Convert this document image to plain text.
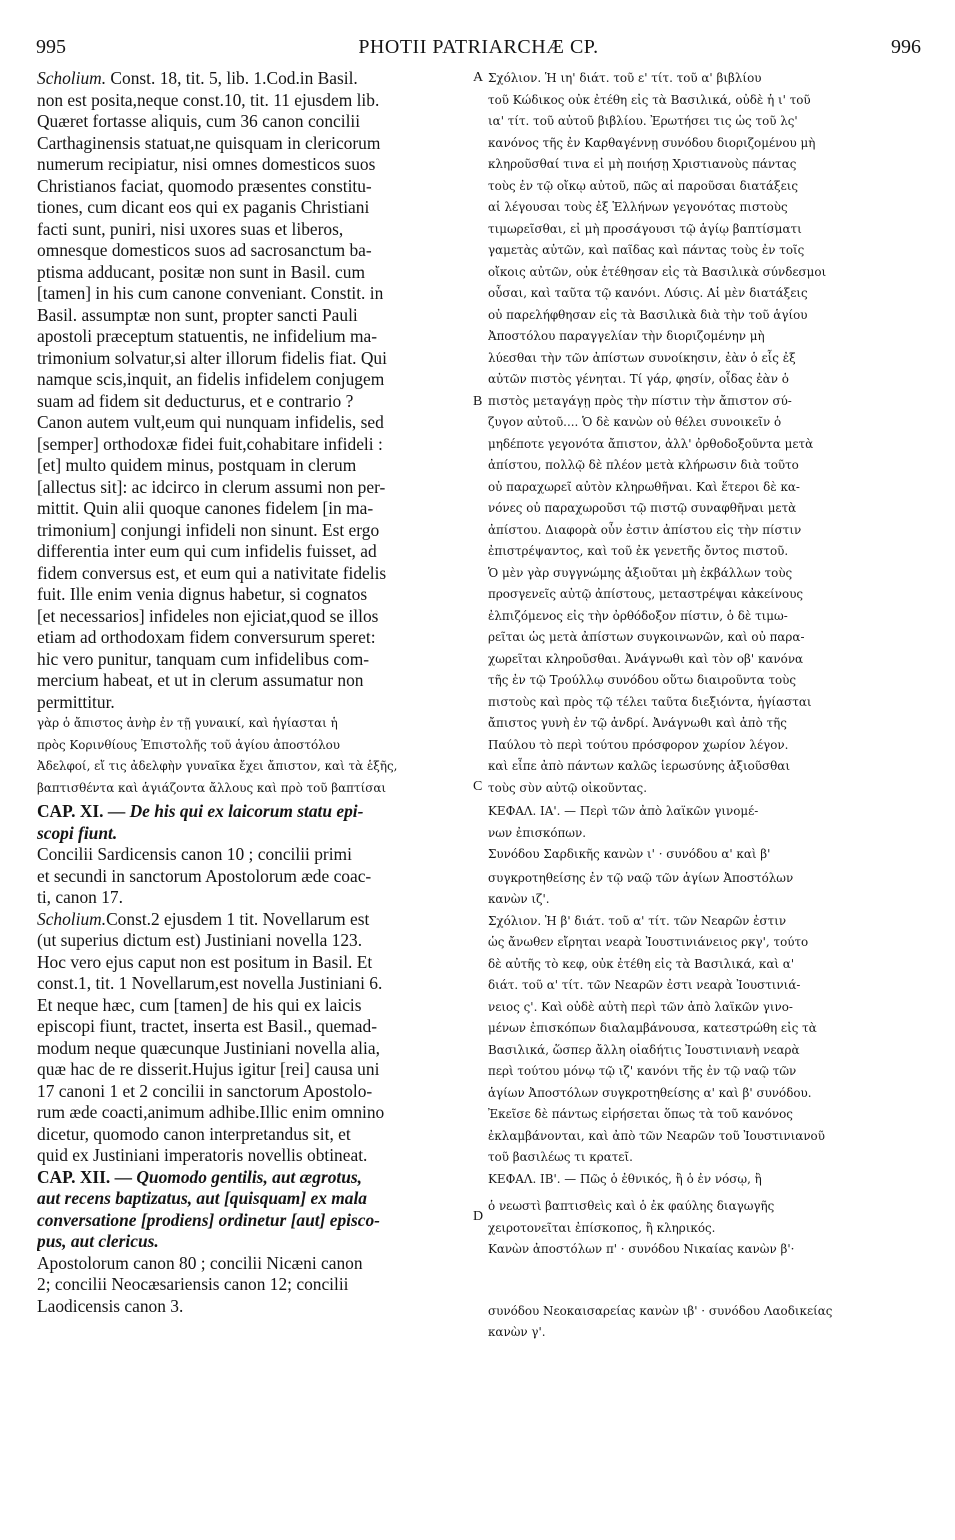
995	PHOTII PATRIARCHÆ CP.	996
Scholium. Const. 18, tit. 5, lib. 1.Cod.in Basil.
non est posita,neque const.10, tit. 11 ejusdem lib.
Quæret fortasse aliquis, cum 36 canon concilii
Carthaginensis statuat,ne quisquam in clericorum
numerum recipiatur, nisi omnes domesticos suos
Christianos faciat, quomodo præsentes constitu-
tiones, cum dicant eos qui ex paganis Christiani
facti sunt, puniri, nisi uxores suas et liberos,
omnesque domesticos suos ad sacrosanctum ba-
ptisma adducant, positæ non sunt in Basil. cum
[tamen] in his cum canone conveniant. Constit. in
Basil. assumptæ non sunt, propter sancti Pauli
apostoli præceptum statuentis, ne infidelium ma-
trimonium solvatur,si alter illorum fidelis fiat. Qui
namque scis,inquit, an fidelis infidelem conjugem
suam ad fidem sit deducturus, et e contrario ?
Canon autem vult,eum qui nunquam infidelis, sed
[semper] orthodoxæ fidei fuit,cohabitare infideli :
[et] multo quidem minus, postquam in clerum
[allectus sit]: ac idcirco in clerum assumi non per-
mittit. Quin alii quoque canones fidelem [in ma-
trimonium] conjungi infideli non sinunt. Est ergo
differentia inter eum qui cum infidelis fuisset, ad
fidem conversus est, et eum qui a nativitate fidelis
fuit. Ille enim venia dignus habetur, si cognatos
[et necessarios] infideles non ejiciat,quod se illos
etiam ad orthodoxam fidem conversurum speret:
hic vero punitur, tanquam cum infidelibus com-
mercium habeat, et ut in clerum assumatur non
permittitur.
γὰρ ὁ ἄπιστος ἀνὴρ ἐν τῇ γυναικί, καὶ ἡγίασται ἡ
πρὸς Κορινθίους Ἐπιστολῆς τοῦ ἁγίου ἀποστόλου
Ἀδελφοί, εἴ τις ἀδελφὴν γυναῖκα ἔχει ἄπιστον, καὶ τὰ ἑξῆς,
βαπτισθέντα καὶ ἁγιάζοντα ἄλλους καὶ πρὸ τοῦ βαπτίσαι
CAP. XI. — De his qui ex laicorum statu epi-
scopi fiunt.
Concilii Sardicensis canon 10 ; concilii primi
et secundi in sanctorum Apostolorum æde coac-
ti, canon 17.
Scholium.Const.2 ejusdem 1 tit. Novellarum est
(ut superius dictum est) Justiniani novella 123.
Hoc vero ejus caput non est positum in Basil. Et
const.1, tit. 1 Novellarum,est novella Justiniani 6.
Et neque hæc, cum [tamen] de his qui ex laicis
episcopi fiunt, tractet, inserta est Basil., quemad-
modum neque quæcunque Justiniani novella alia,
quæ hac de re disserit.Hujus igitur [rei] causa uni
17 canoni 1 et 2 concilii in sanctorum Apostolo-
rum æde coacti,animum adhibe.Illic enim omnino
dicetur, quomodo canon interpretandus sit, et
quid ex Justiniani imperatoris novellis obtineat.
CAP. XII. — Quomodo gentilis, aut ægrotus,
aut recens baptizatus, aut [quisquam] ex mala
conversatione [prodiens] ordinetur [aut] episco-
pus, aut clericus.
Apostolorum canon 80 ; concilii Nicæni canon
2; concilii Neocæsariensis canon 12; concilii
Laodicensis canon 3.
Σχόλιον. Ἡ ιη' διάτ. τοῦ ε' τίτ. τοῦ α' βιβλίου
τοῦ Κώδικος οὐκ ἐτέθη εἰς τὰ Βασιλικά, οὐδὲ ἡ ι' τοῦ
ια' τίτ. τοῦ αὐτοῦ βιβλίου. Ἐρωτήσει τις ὡς τοῦ λς'
κανόνος τῆς ἐν Καρθαγέννῃ συνόδου διοριζομένου μὴ
κληροῦσθαί τινα εἰ μὴ ποιήσῃ Χριστιανοὺς πάντας
τοὺς ἐν τῷ οἴκῳ αὐτοῦ, πῶς αἱ παροῦσαι διατάξεις
αἱ λέγουσαι τοὺς ἐξ Ἑλλήνων γεγονότας πιστοὺς
τιμωρεῖσθαι, εἰ μὴ προσάγουσι τῷ ἁγίῳ βαπτίσματι
γαμετὰς αὐτῶν, καὶ παῖδας καὶ πάντας τοὺς ἐν τοῖς
οἴκοις αὐτῶν, οὐκ ἐτέθησαν εἰς τὰ Βασιλικὰ σύνδεσμοι
οὖσαι, καὶ ταῦτα τῷ κανόνι. Λύσις. Αἱ μὲν διατάξεις
οὐ παρελήφθησαν εἰς τὰ Βασιλικὰ διὰ τὴν τοῦ ἁγίου
Ἀποστόλου παραγγελίαν τὴν διοριζομένην μὴ
λύεσθαι τὴν τῶν ἀπίστων συνοίκησιν, ἐὰν ὁ εἷς ἐξ
αὐτῶν πιστὸς γένηται. Τί γάρ, φησίν, οἶδας ἐὰν ὁ
πιστὸς μεταγάγῃ πρὸς τὴν πίστιν τὴν ἄπιστον σύ-
ζυγον αὐτοῦ.... Ὁ δὲ κανὼν οὐ θέλει συνοικεῖν ὁ
μηδέποτε γεγονότα ἄπιστον, ἀλλ' ὀρθοδοξοῦντα μετὰ
ἀπίστου, πολλῷ δὲ πλέον μετὰ κλήρωσιν διὰ τοῦτο
οὐ παραχωρεῖ αὐτὸν κληρωθῆναι. Καὶ ἕτεροι δὲ κα-
νόνες οὐ παραχωροῦσι τῷ πιστῷ συναφθῆναι μετὰ
ἀπίστου. Διαφορὰ οὖν ἐστιν ἀπίστου εἰς τὴν πίστιν
ἐπιστρέψαντος, καὶ τοῦ ἐκ γενετῆς ὄντος πιστοῦ.
Ὁ μὲν γὰρ συγγνώμης ἀξιοῦται μὴ ἐκβάλλων τοὺς
προσγενεῖς αὐτῷ ἀπίστους, μεταστρέψαι κἀκείνους
ἐλπιζόμενος εἰς τὴν ὀρθόδοξον πίστιν, ὁ δὲ τιμω-
ρεῖται ὡς μετὰ ἀπίστων συγκοινωνῶν, καὶ οὐ παρα-
χωρεῖται κληροῦσθαι. Ἀνάγνωθι καὶ τὸν οβ' κανόνα
τῆς ἐν τῷ Τρούλλῳ συνόδου οὕτω διαιροῦντα τοὺς
πιστοὺς καὶ πρὸς τῷ τέλει ταῦτα διεξιόντα, ἡγίασται
ἄπιστος γυνὴ ἐν τῷ ἀνδρί. Ἀνάγνωθι καὶ ἀπὸ τῆς
Παύλου τὸ περὶ τούτου πρόσφορον χωρίον λέγον.
καὶ εἶπε ἀπὸ πάντων καλῶς ἱερωσύνης ἀξιοῦσθαι
τοὺς σὺν αὐτῷ οἰκοῦντας.
ΚΕΦΑΛ. ΙΑ'. — Περὶ τῶν ἀπὸ λαϊκῶν γινομέ-
νων ἐπισκόπων.
Συνόδου Σαρδικῆς κανὼν ι' · συνόδου α' καὶ β'
συγκροτηθείσης ἐν τῷ ναῷ τῶν ἁγίων Ἀποστόλων
κανὼν ιζ'.
Σχόλιον. Ἡ β' διάτ. τοῦ α' τίτ. τῶν Νεαρῶν ἐστιν
ὡς ἄνωθεν εἴρηται νεαρὰ Ἰουστινιάνειος ρκγ', τούτο
δὲ αὐτῆς τὸ κεφ, οὐκ ἐτέθη εἰς τὰ Βασιλικά, καὶ α'
διάτ. τοῦ α' τίτ. τῶν Νεαρῶν ἐστι νεαρὰ Ἰουστινιά-
νειος ς'. Καὶ οὐδὲ αὐτὴ περὶ τῶν ἀπὸ λαϊκῶν γινο-
μένων ἐπισκόπων διαλαμβάνουσα, κατεστρώθη εἰς τὰ
Βασιλικά, ὥσπερ ἄλλη οἱαδήτις Ἰουστινιανὴ νεαρὰ
περὶ τούτου μόνῳ τῷ ιζ' κανόνι τῆς ἐν τῷ ναῷ τῶν
ἁγίων Ἀποστόλων συγκροτηθείσης α' καὶ β' συνόδου.
Ἐκεῖσε δὲ πάντως εἰρήσεται ὅπως τὰ τοῦ κανόνος
ἐκλαμβάνονται, καὶ ἀπὸ τῶν Νεαρῶν τοῦ Ἰουστινιανοῦ
τοῦ βασιλέως τι κρατεῖ.
ΚΕΦΑΛ. ΙΒ'. — Πῶς ὁ ἐθνικός, ἢ ὁ ἐν νόσῳ, ἢ
ὁ νεωστὶ βαπτισθεὶς καὶ ὁ ἐκ φαύλης διαγωγῆς
χειροτονεῖται ἐπίσκοπος, ἢ κληρικός.
Κανὼν ἀποστόλων π' · συνόδου Νικαίας κανὼν β'·
συνόδου Νεοκαισαρείας κανὼν ιβ' · συνόδου Λαοδικείας
κανὼν γ'.
A
B
C
D
